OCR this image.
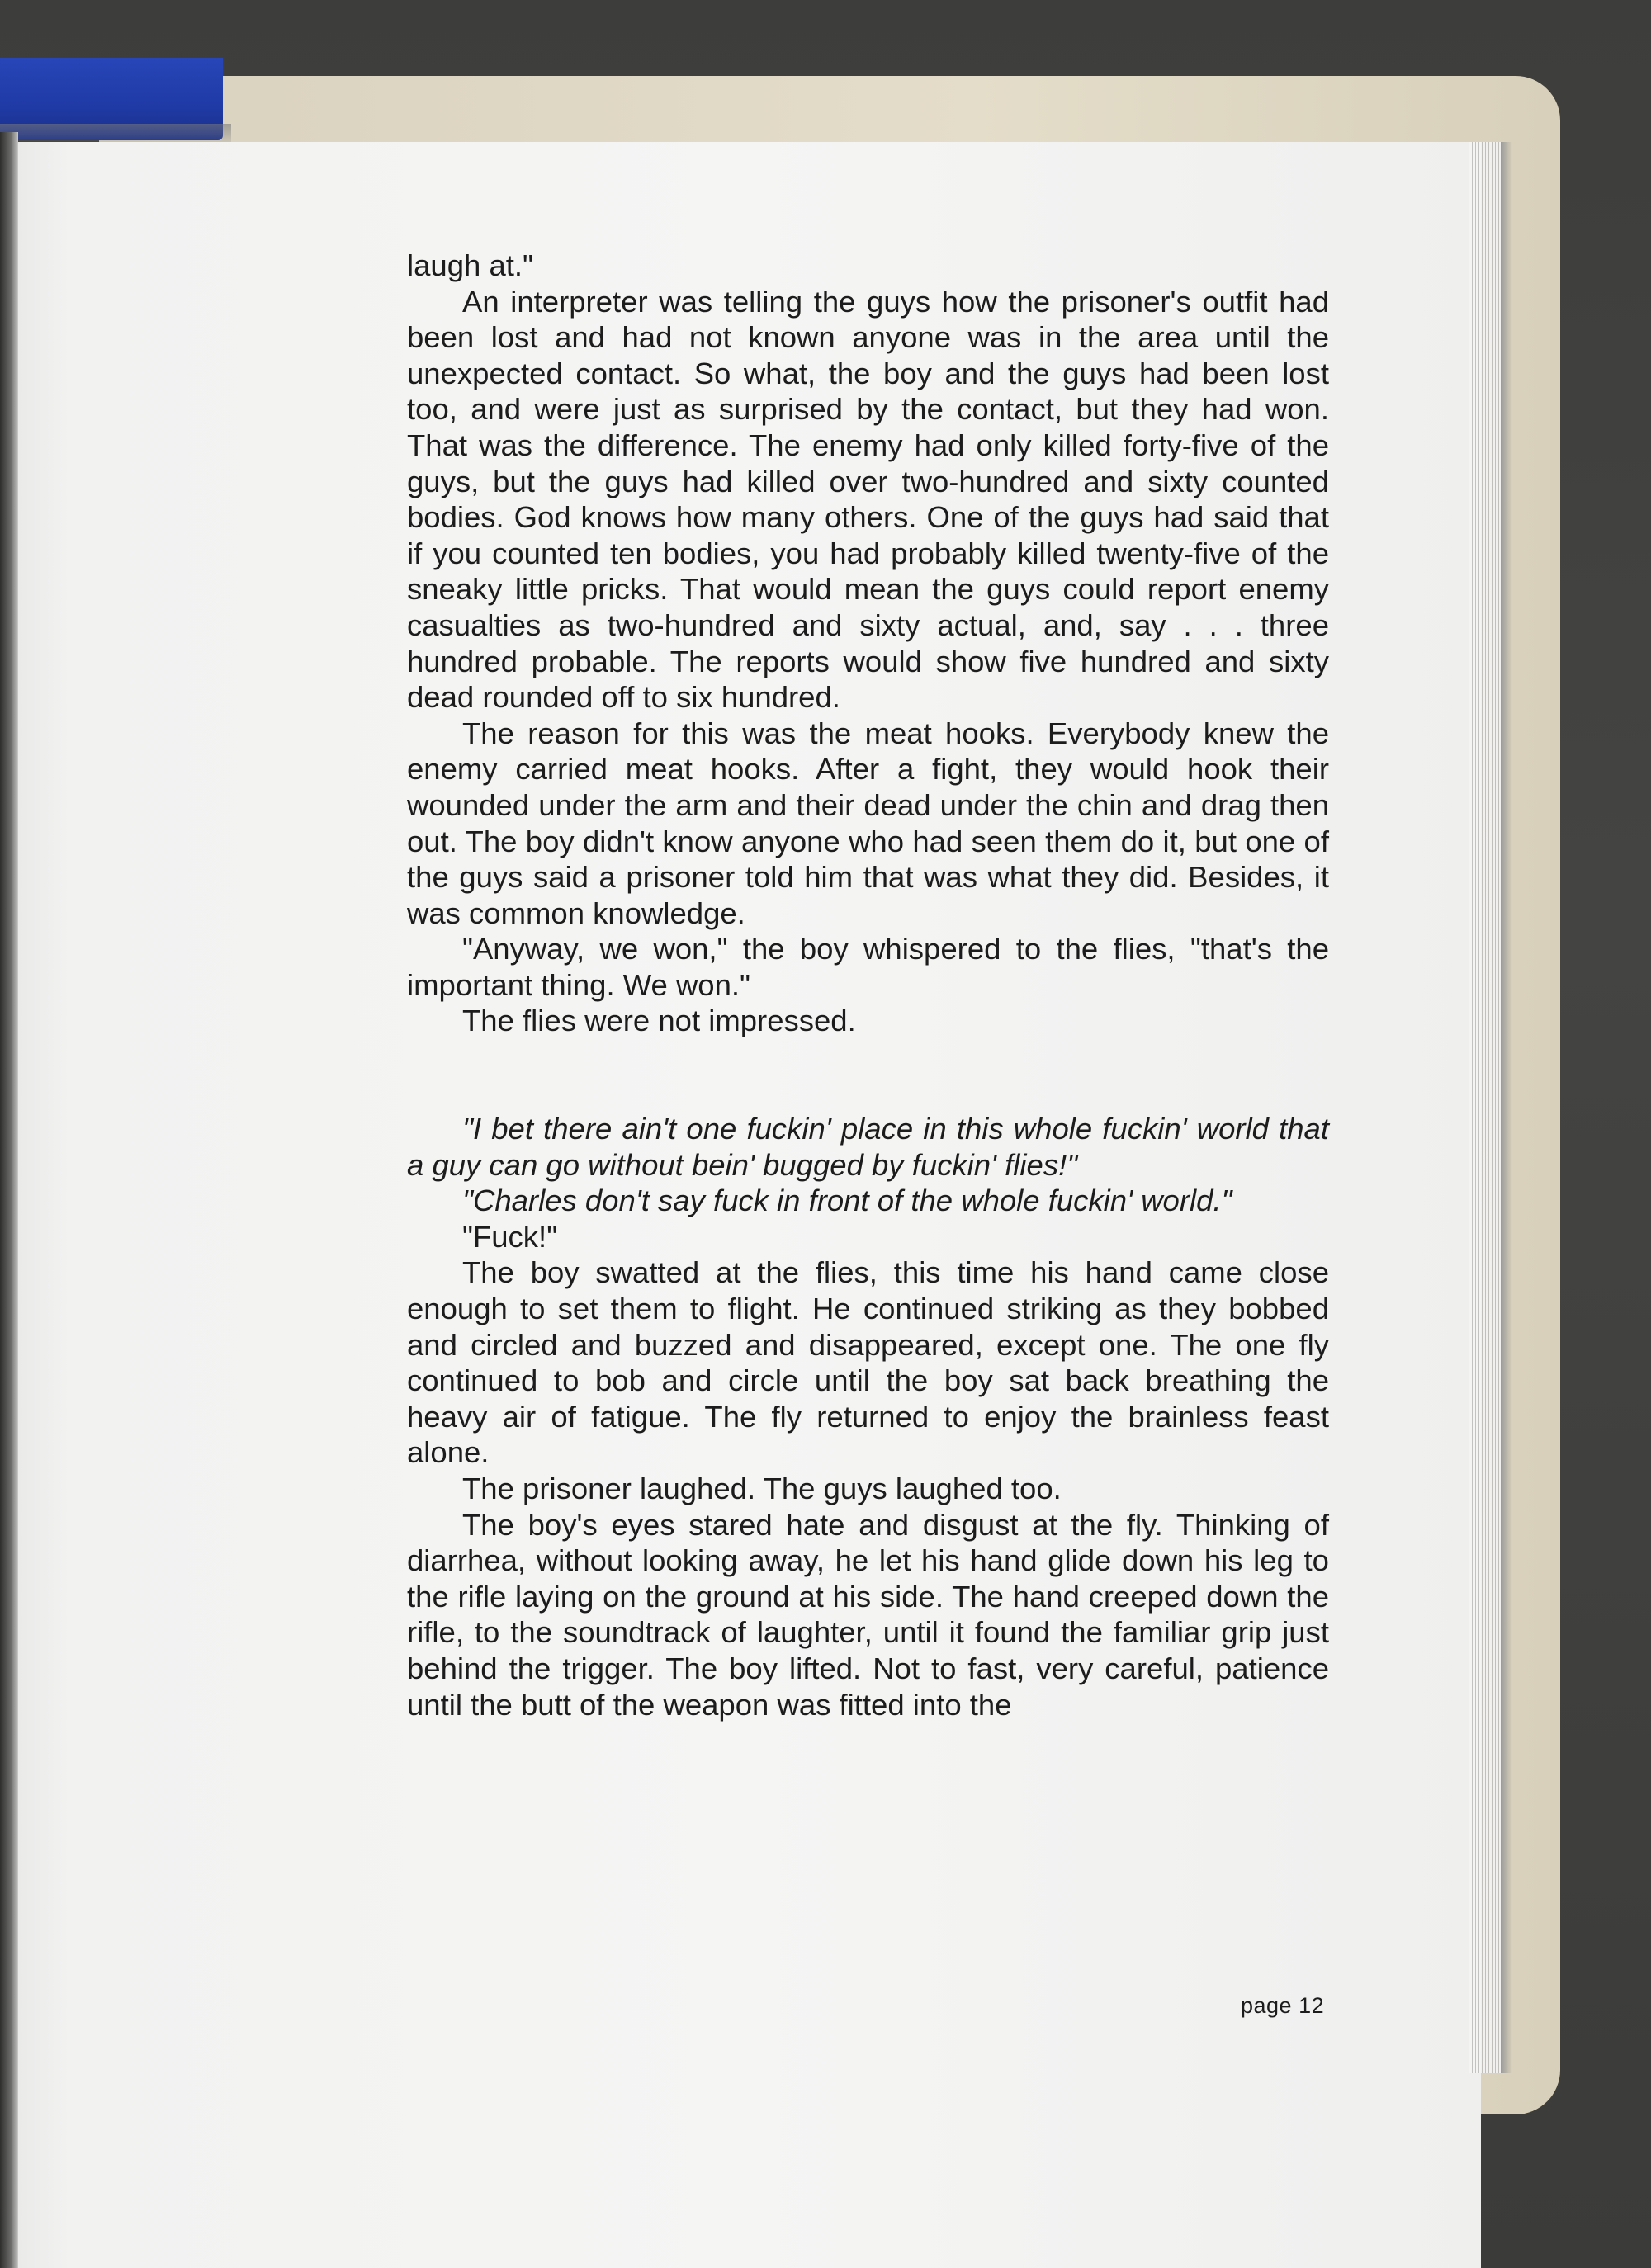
laugh at."

An interpreter was telling the guys how the prisoner's outfit had been lost and had not known anyone was in the area until the unexpected contact. So what, the boy and the guys had been lost too, and were just as surprised by the contact, but they had won. That was the difference. The enemy had only killed forty-five of the guys, but the guys had killed over two-hundred and sixty counted bodies. God knows how many others. One of the guys had said that if you counted ten bodies, you had probably killed twenty-five of the sneaky little pricks. That would mean the guys could report enemy casualties as two-hundred and sixty actual, and, say . . . three hundred probable. The reports would show five hundred and sixty dead rounded off to six hundred.

The reason for this was the meat hooks. Everybody knew the enemy carried meat hooks. After a fight, they would hook their wounded under the arm and their dead under the chin and drag then out. The boy didn't know anyone who had seen them do it, but one of the guys said a prisoner told him that was what they did. Besides, it was common knowledge.

"Anyway, we won," the boy whispered to the flies, "that's the important thing. We won."

The flies were not impressed.

"I bet there ain't one fuckin' place in this whole fuckin' world that a guy can go without bein' bugged by fuckin' flies!"

"Charles don't say fuck in front of the whole fuckin' world."

"Fuck!"

The boy swatted at the flies, this time his hand came close enough to set them to flight. He continued striking as they bobbed and circled and buzzed and disappeared, except one. The one fly continued to bob and circle until the boy sat back breathing the heavy air of fatigue. The fly returned to enjoy the brainless feast alone.

The prisoner laughed. The guys laughed too.

The boy's eyes stared hate and disgust at the fly. Thinking of diarrhea, without looking away, he let his hand glide down his leg to the rifle laying on the ground at his side. The hand creeped down the rifle, to the soundtrack of laughter, until it found the familiar grip just behind the trigger. The boy lifted. Not to fast, very careful, patience until the butt of the weapon was fitted into the

page 12
